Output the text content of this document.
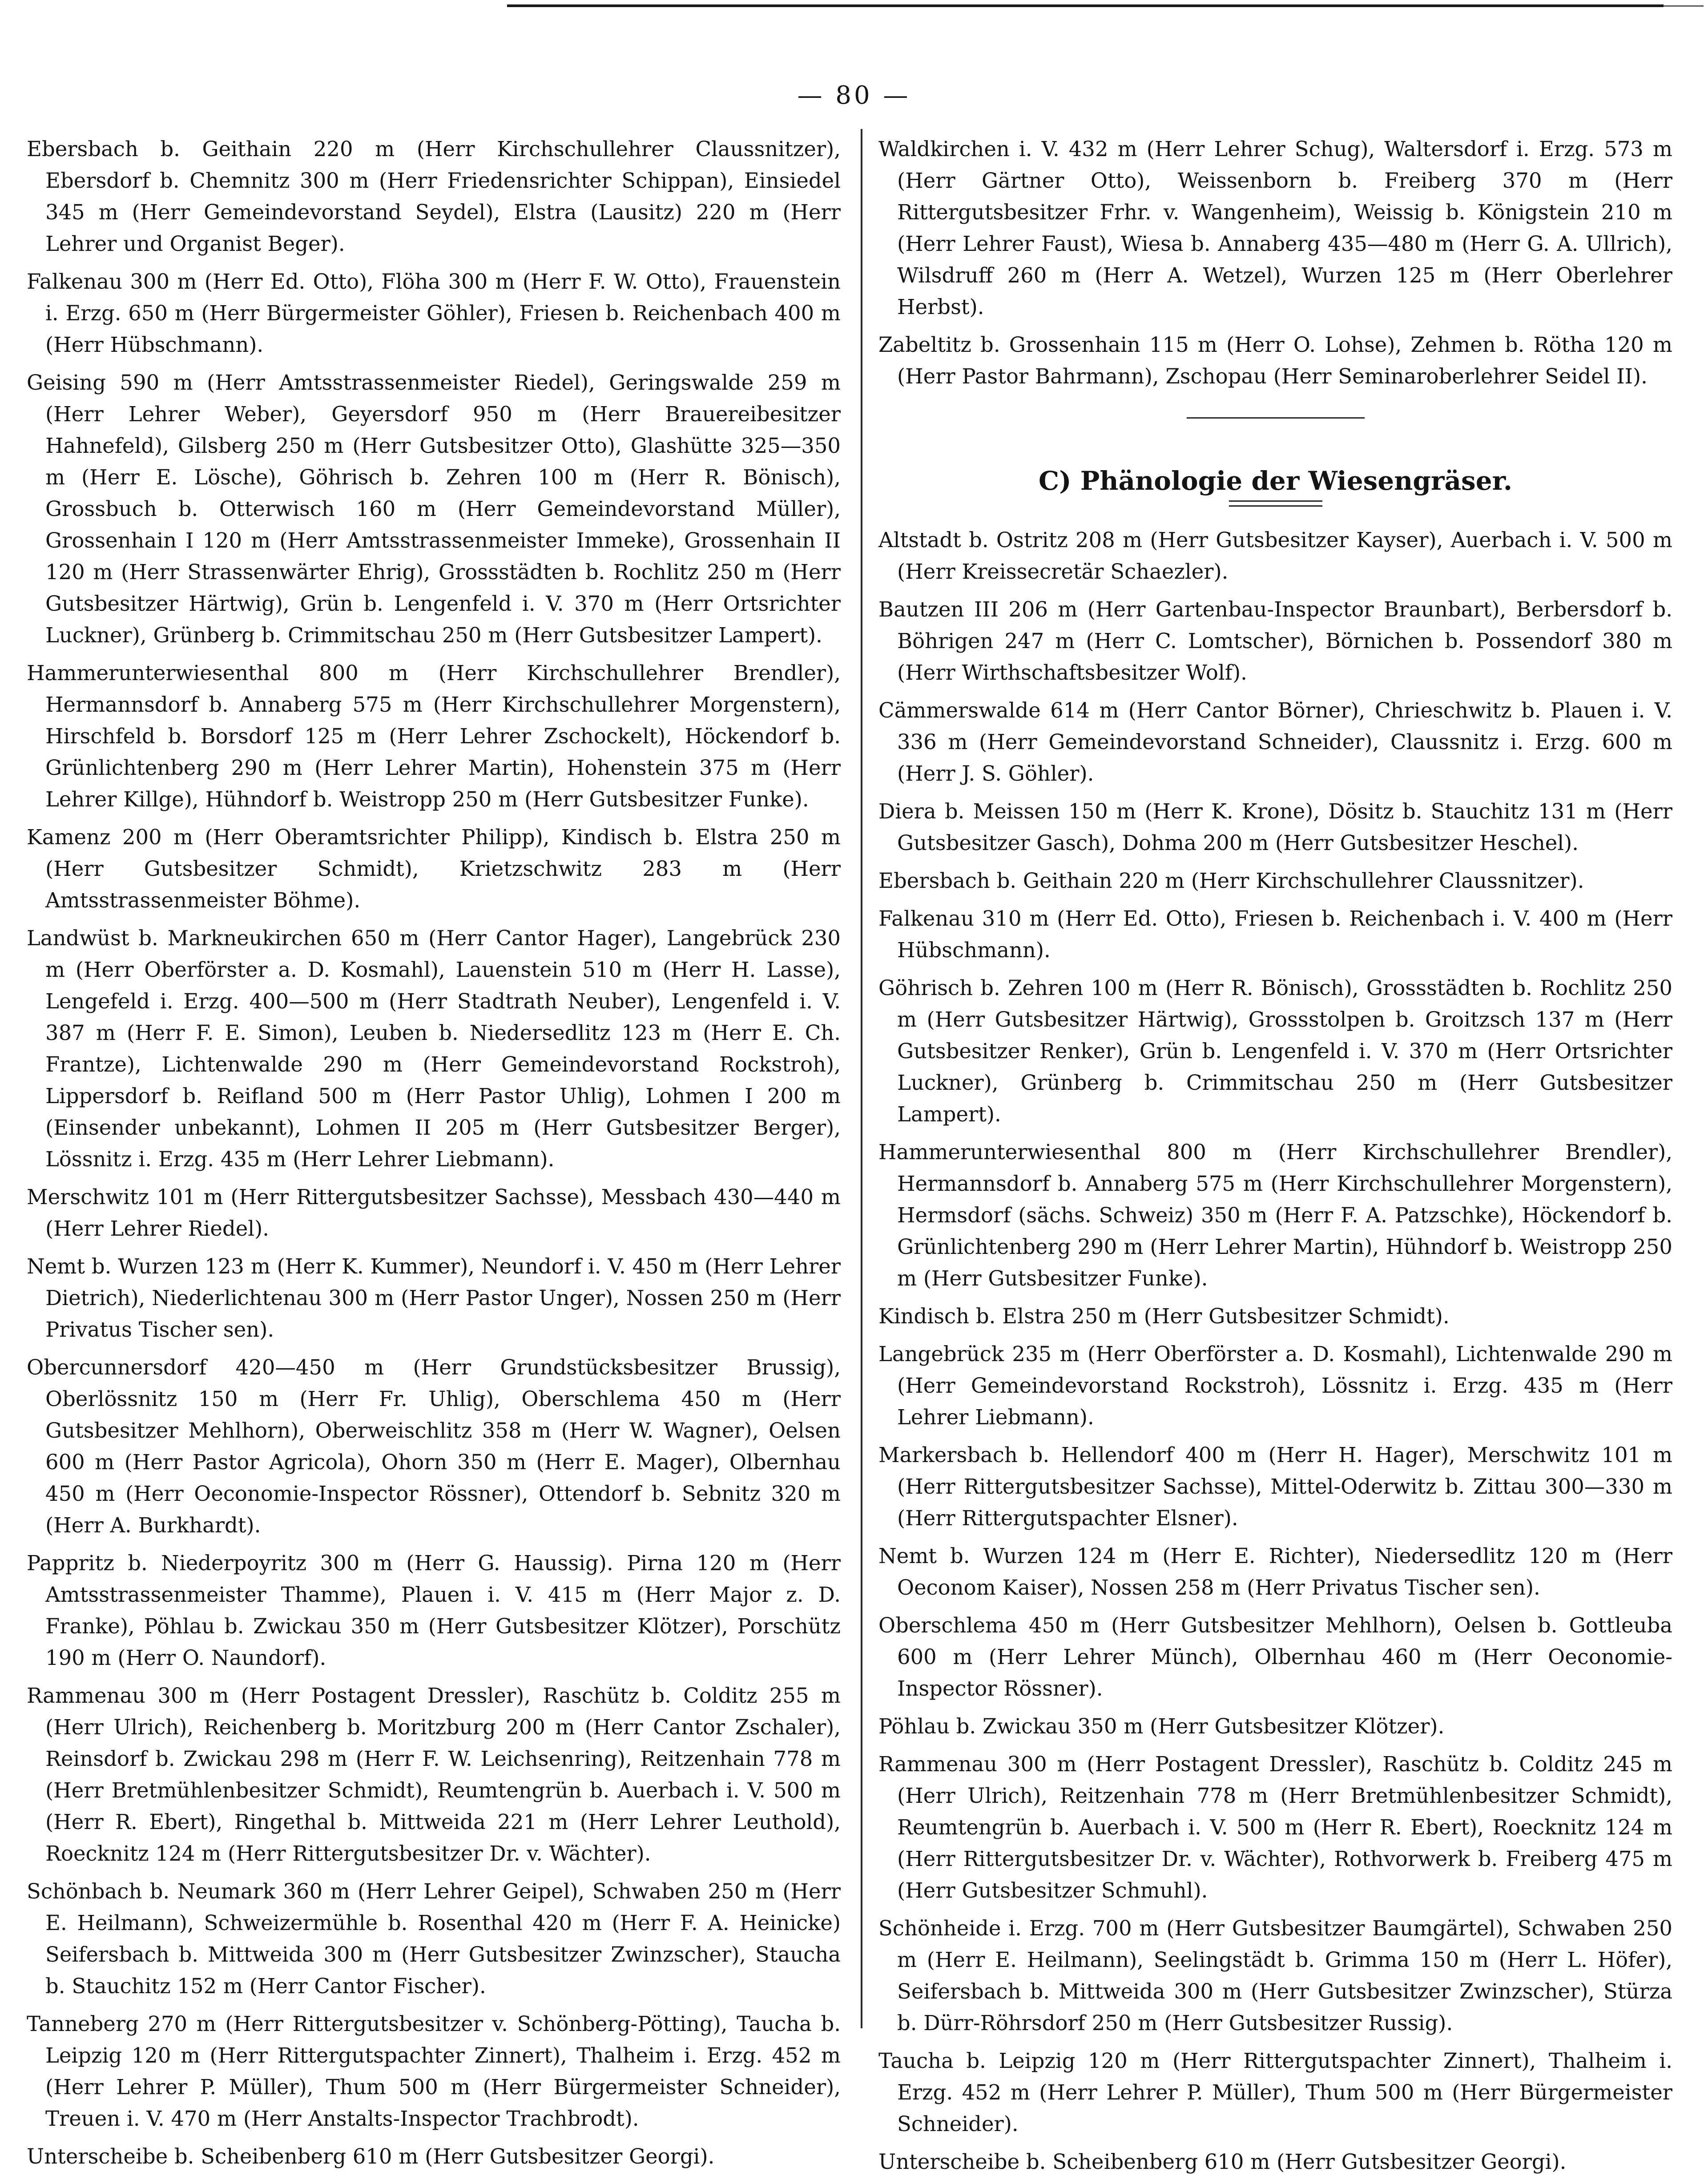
— 80 —

Ebersbach b. Geithain 220 m (Herr Kirchschullehrer Claussnitzer), Ebersdorf b. Chemnitz 300 m (Herr Friedensrichter Schippan), Einsiedel 345 m (Herr Gemeindevorstand Seydel), Elstra (Lausitz) 220 m (Herr Lehrer und Organist Beger).

Falkenau 300 m (Herr Ed. Otto), Flöha 300 m (Herr F. W. Otto), Frauenstein i. Erzg. 650 m (Herr Bürgermeister Göhler), Friesen b. Reichenbach 400 m (Herr Hübschmann).

Geising 590 m (Herr Amtsstrassenmeister Riedel), Geringswalde 259 m (Herr Lehrer Weber), Geyersdorf 950 m (Herr Brauereibesitzer Hahnefeld), Gilsberg 250 m (Herr Gutsbesitzer Otto), Glashütte 325—350 m (Herr E. Lösche), Göhrisch b. Zehren 100 m (Herr R. Bönisch), Grossbuch b. Otterwisch 160 m (Herr Gemeindevorstand Müller), Grossenhain I 120 m (Herr Amtsstrassenmeister Immeke), Grossenhain II 120 m (Herr Strassenwärter Ehrig), Grossstädten b. Rochlitz 250 m (Herr Gutsbesitzer Härtwig), Grün b. Lengenfeld i. V. 370 m (Herr Ortsrichter Luckner), Grünberg b. Crimmitschau 250 m (Herr Gutsbesitzer Lampert).

Hammerunterwiesenthal 800 m (Herr Kirchschullehrer Brendler), Hermannsdorf b. Annaberg 575 m (Herr Kirchschullehrer Morgenstern), Hirschfeld b. Borsdorf 125 m (Herr Lehrer Zschockelt), Höckendorf b. Grünlichtenberg 290 m (Herr Lehrer Martin), Hohenstein 375 m (Herr Lehrer Killge), Hühndorf b. Weistropp 250 m (Herr Gutsbesitzer Funke).

Kamenz 200 m (Herr Oberamtsrichter Philipp), Kindisch b. Elstra 250 m (Herr Gutsbesitzer Schmidt), Krietzschwitz 283 m (Herr Amtsstrassenmeister Böhme).

Landwüst b. Markneukirchen 650 m (Herr Cantor Hager), Langebrück 230 m (Herr Oberförster a. D. Kosmahl), Lauenstein 510 m (Herr H. Lasse), Lengefeld i. Erzg. 400—500 m (Herr Stadtrath Neuber), Lengenfeld i. V. 387 m (Herr F. E. Simon), Leuben b. Niedersedlitz 123 m (Herr E. Ch. Frantze), Lichtenwalde 290 m (Herr Gemeindevorstand Rockstroh), Lippersdorf b. Reifland 500 m (Herr Pastor Uhlig), Lohmen I 200 m (Einsender unbekannt), Lohmen II 205 m (Herr Gutsbesitzer Berger), Lössnitz i. Erzg. 435 m (Herr Lehrer Liebmann).

Merschwitz 101 m (Herr Rittergutsbesitzer Sachsse), Messbach 430—440 m (Herr Lehrer Riedel).

Nemt b. Wurzen 123 m (Herr K. Kummer), Neundorf i. V. 450 m (Herr Lehrer Dietrich), Niederlichtenau 300 m (Herr Pastor Unger), Nossen 250 m (Herr Privatus Tischer sen).

Obercunnersdorf 420—450 m (Herr Grundstücksbesitzer Brussig), Oberlössnitz 150 m (Herr Fr. Uhlig), Oberschlema 450 m (Herr Gutsbesitzer Mehlhorn), Oberweischlitz 358 m (Herr W. Wagner), Oelsen 600 m (Herr Pastor Agricola), Ohorn 350 m (Herr E. Mager), Olbernhau 450 m (Herr Oeconomie-Inspector Rössner), Ottendorf b. Sebnitz 320 m (Herr A. Burkhardt).

Pappritz b. Niederpoyritz 300 m (Herr G. Haussig). Pirna 120 m (Herr Amtsstrassenmeister Thamme), Plauen i. V. 415 m (Herr Major z. D. Franke), Pöhlau b. Zwickau 350 m (Herr Gutsbesitzer Klötzer), Porschütz 190 m (Herr O. Naundorf).

Rammenau 300 m (Herr Postagent Dressler), Raschütz b. Colditz 255 m (Herr Ulrich), Reichenberg b. Moritzburg 200 m (Herr Cantor Zschaler), Reinsdorf b. Zwickau 298 m (Herr F. W. Leichsenring), Reitzenhain 778 m (Herr Bretmühlenbesitzer Schmidt), Reumtengrün b. Auerbach i. V. 500 m (Herr R. Ebert), Ringethal b. Mittweida 221 m (Herr Lehrer Leuthold), Roecknitz 124 m (Herr Rittergutsbesitzer Dr. v. Wächter).

Schönbach b. Neumark 360 m (Herr Lehrer Geipel), Schwaben 250 m (Herr E. Heilmann), Schweizermühle b. Rosenthal 420 m (Herr F. A. Heinicke) Seifersbach b. Mittweida 300 m (Herr Gutsbesitzer Zwinzscher), Staucha b. Stauchitz 152 m (Herr Cantor Fischer).

Tanneberg 270 m (Herr Rittergutsbesitzer v. Schönberg-Pötting), Taucha b. Leipzig 120 m (Herr Rittergutspachter Zinnert), Thalheim i. Erzg. 452 m (Herr Lehrer P. Müller), Thum 500 m (Herr Bürgermeister Schneider), Treuen i. V. 470 m (Herr Anstalts-Inspector Trachbrodt).

Unterscheibe b. Scheibenberg 610 m (Herr Gutsbesitzer Georgi).

Waldkirchen i. V. 432 m (Herr Lehrer Schug), Waltersdorf i. Erzg. 573 m (Herr Gärtner Otto), Weissenborn b. Freiberg 370 m (Herr Rittergutsbesitzer Frhr. v. Wangenheim), Weissig b. Königstein 210 m (Herr Lehrer Faust), Wiesa b. Annaberg 435—480 m (Herr G. A. Ullrich), Wilsdruff 260 m (Herr A. Wetzel), Wurzen 125 m (Herr Oberlehrer Herbst).

Zabeltitz b. Grossenhain 115 m (Herr O. Lohse), Zehmen b. Rötha 120 m (Herr Pastor Bahrmann), Zschopau (Herr Seminaroberlehrer Seidel II).

C) Phänologie der Wiesengräser.

Altstadt b. Ostritz 208 m (Herr Gutsbesitzer Kayser), Auerbach i. V. 500 m (Herr Kreissecretär Schaezler).

Bautzen III 206 m (Herr Gartenbau-Inspector Braunbart), Berbersdorf b. Böhrigen 247 m (Herr C. Lomtscher), Börnichen b. Possendorf 380 m (Herr Wirthschaftsbesitzer Wolf).

Cämmerswalde 614 m (Herr Cantor Börner), Chrieschwitz b. Plauen i. V. 336 m (Herr Gemeindevorstand Schneider), Claussnitz i. Erzg. 600 m (Herr J. S. Göhler).

Diera b. Meissen 150 m (Herr K. Krone), Dösitz b. Stauchitz 131 m (Herr Gutsbesitzer Gasch), Dohma 200 m (Herr Gutsbesitzer Heschel).

Ebersbach b. Geithain 220 m (Herr Kirchschullehrer Claussnitzer).

Falkenau 310 m (Herr Ed. Otto), Friesen b. Reichenbach i. V. 400 m (Herr Hübschmann).

Göhrisch b. Zehren 100 m (Herr R. Bönisch), Grossstädten b. Rochlitz 250 m (Herr Gutsbesitzer Härtwig), Grossstolpen b. Groitzsch 137 m (Herr Gutsbesitzer Renker), Grün b. Lengenfeld i. V. 370 m (Herr Ortsrichter Luckner), Grünberg b. Crimmitschau 250 m (Herr Gutsbesitzer Lampert).

Hammerunterwiesenthal 800 m (Herr Kirchschullehrer Brendler), Hermannsdorf b. Annaberg 575 m (Herr Kirchschullehrer Morgenstern), Hermsdorf (sächs. Schweiz) 350 m (Herr F. A. Patzschke), Höckendorf b. Grünlichtenberg 290 m (Herr Lehrer Martin), Hühndorf b. Weistropp 250 m (Herr Gutsbesitzer Funke).

Kindisch b. Elstra 250 m (Herr Gutsbesitzer Schmidt).

Langebrück 235 m (Herr Oberförster a. D. Kosmahl), Lichtenwalde 290 m (Herr Gemeindevorstand Rockstroh), Lössnitz i. Erzg. 435 m (Herr Lehrer Liebmann).

Markersbach b. Hellendorf 400 m (Herr H. Hager), Merschwitz 101 m (Herr Rittergutsbesitzer Sachsse), Mittel-Oderwitz b. Zittau 300—330 m (Herr Rittergutspachter Elsner).

Nemt b. Wurzen 124 m (Herr E. Richter), Niedersedlitz 120 m (Herr Oeconom Kaiser), Nossen 258 m (Herr Privatus Tischer sen).

Oberschlema 450 m (Herr Gutsbesitzer Mehlhorn), Oelsen b. Gottleuba 600 m (Herr Lehrer Münch), Olbernhau 460 m (Herr Oeconomie-Inspector Rössner).

Pöhlau b. Zwickau 350 m (Herr Gutsbesitzer Klötzer).

Rammenau 300 m (Herr Postagent Dressler), Raschütz b. Colditz 245 m (Herr Ulrich), Reitzenhain 778 m (Herr Bretmühlenbesitzer Schmidt), Reumtengrün b. Auerbach i. V. 500 m (Herr R. Ebert), Roecknitz 124 m (Herr Rittergutsbesitzer Dr. v. Wächter), Rothvorwerk b. Freiberg 475 m (Herr Gutsbesitzer Schmuhl).

Schönheide i. Erzg. 700 m (Herr Gutsbesitzer Baumgärtel), Schwaben 250 m (Herr E. Heilmann), Seelingstädt b. Grimma 150 m (Herr L. Höfer), Seifersbach b. Mittweida 300 m (Herr Gutsbesitzer Zwinzscher), Stürza b. Dürr-Röhrsdorf 250 m (Herr Gutsbesitzer Russig).

Taucha b. Leipzig 120 m (Herr Rittergutspachter Zinnert), Thalheim i. Erzg. 452 m (Herr Lehrer P. Müller), Thum 500 m (Herr Bürgermeister Schneider).

Unterscheibe b. Scheibenberg 610 m (Herr Gutsbesitzer Georgi).
